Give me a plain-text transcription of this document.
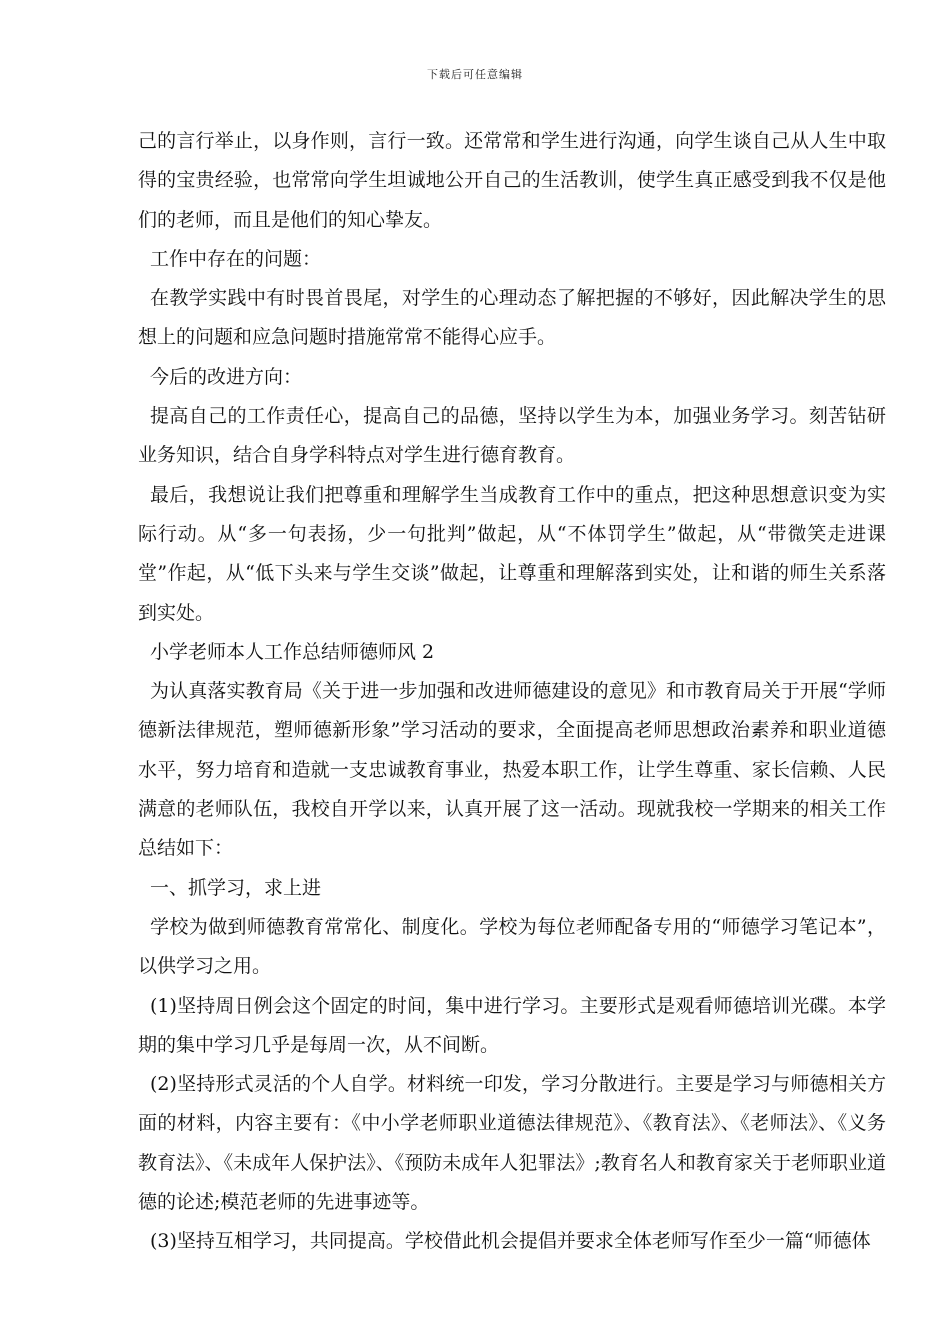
下载后可任意编辑

己的言行举止，以身作则，言行一致。还常常和学生进行沟通，向学生谈自己从人生中取得的宝贵经验，也常常向学生坦诚地公开自己的生活教训，使学生真正感受到我不仅是他们的老师，而且是他们的知心挚友。

工作中存在的问题：

在教学实践中有时畏首畏尾，对学生的心理动态了解把握的不够好，因此解决学生的思想上的问题和应急问题时措施常常不能得心应手。

今后的改进方向：

提高自己的工作责任心，提高自己的品德，坚持以学生为本，加强业务学习。刻苦钻研业务知识，结合自身学科特点对学生进行德育教育。

最后，我想说让我们把尊重和理解学生当成教育工作中的重点，把这种思想意识变为实际行动。从“多一句表扬，少一句批判”做起，从“不体罚学生”做起，从“带微笑走进课堂”作起，从“低下头来与学生交谈”做起，让尊重和理解落到实处，让和谐的师生关系落到实处。

小学老师本人工作总结师德师风 2

为认真落实教育局《关于进一步加强和改进师德建设的意见》和市教育局关于开展“学师德新法律规范，塑师德新形象”学习活动的要求，全面提高老师思想政治素养和职业道德水平，努力培育和造就一支忠诚教育事业，热爱本职工作，让学生尊重、家长信赖、人民满意的老师队伍，我校自开学以来，认真开展了这一活动。现就我校一学期来的相关工作总结如下：

一、抓学习，求上进

学校为做到师德教育常常化、制度化。学校为每位老师配备专用的“师德学习笔记本”，以供学习之用。

(1)坚持周日例会这个固定的时间，集中进行学习。主要形式是观看师德培训光碟。本学期的集中学习几乎是每周一次，从不间断。

(2)坚持形式灵活的个人自学。材料统一印发，学习分散进行。主要是学习与师德相关方面的材料，内容主要有：《中小学老师职业道德法律规范》、《教育法》、《老师法》、《义务教育法》、《未成年人保护法》、《预防未成年人犯罪法》;教育名人和教育家关于老师职业道德的论述;模范老师的先进事迹等。

(3)坚持互相学习，共同提高。学校借此机会提倡并要求全体老师写作至少一篇“师德体
